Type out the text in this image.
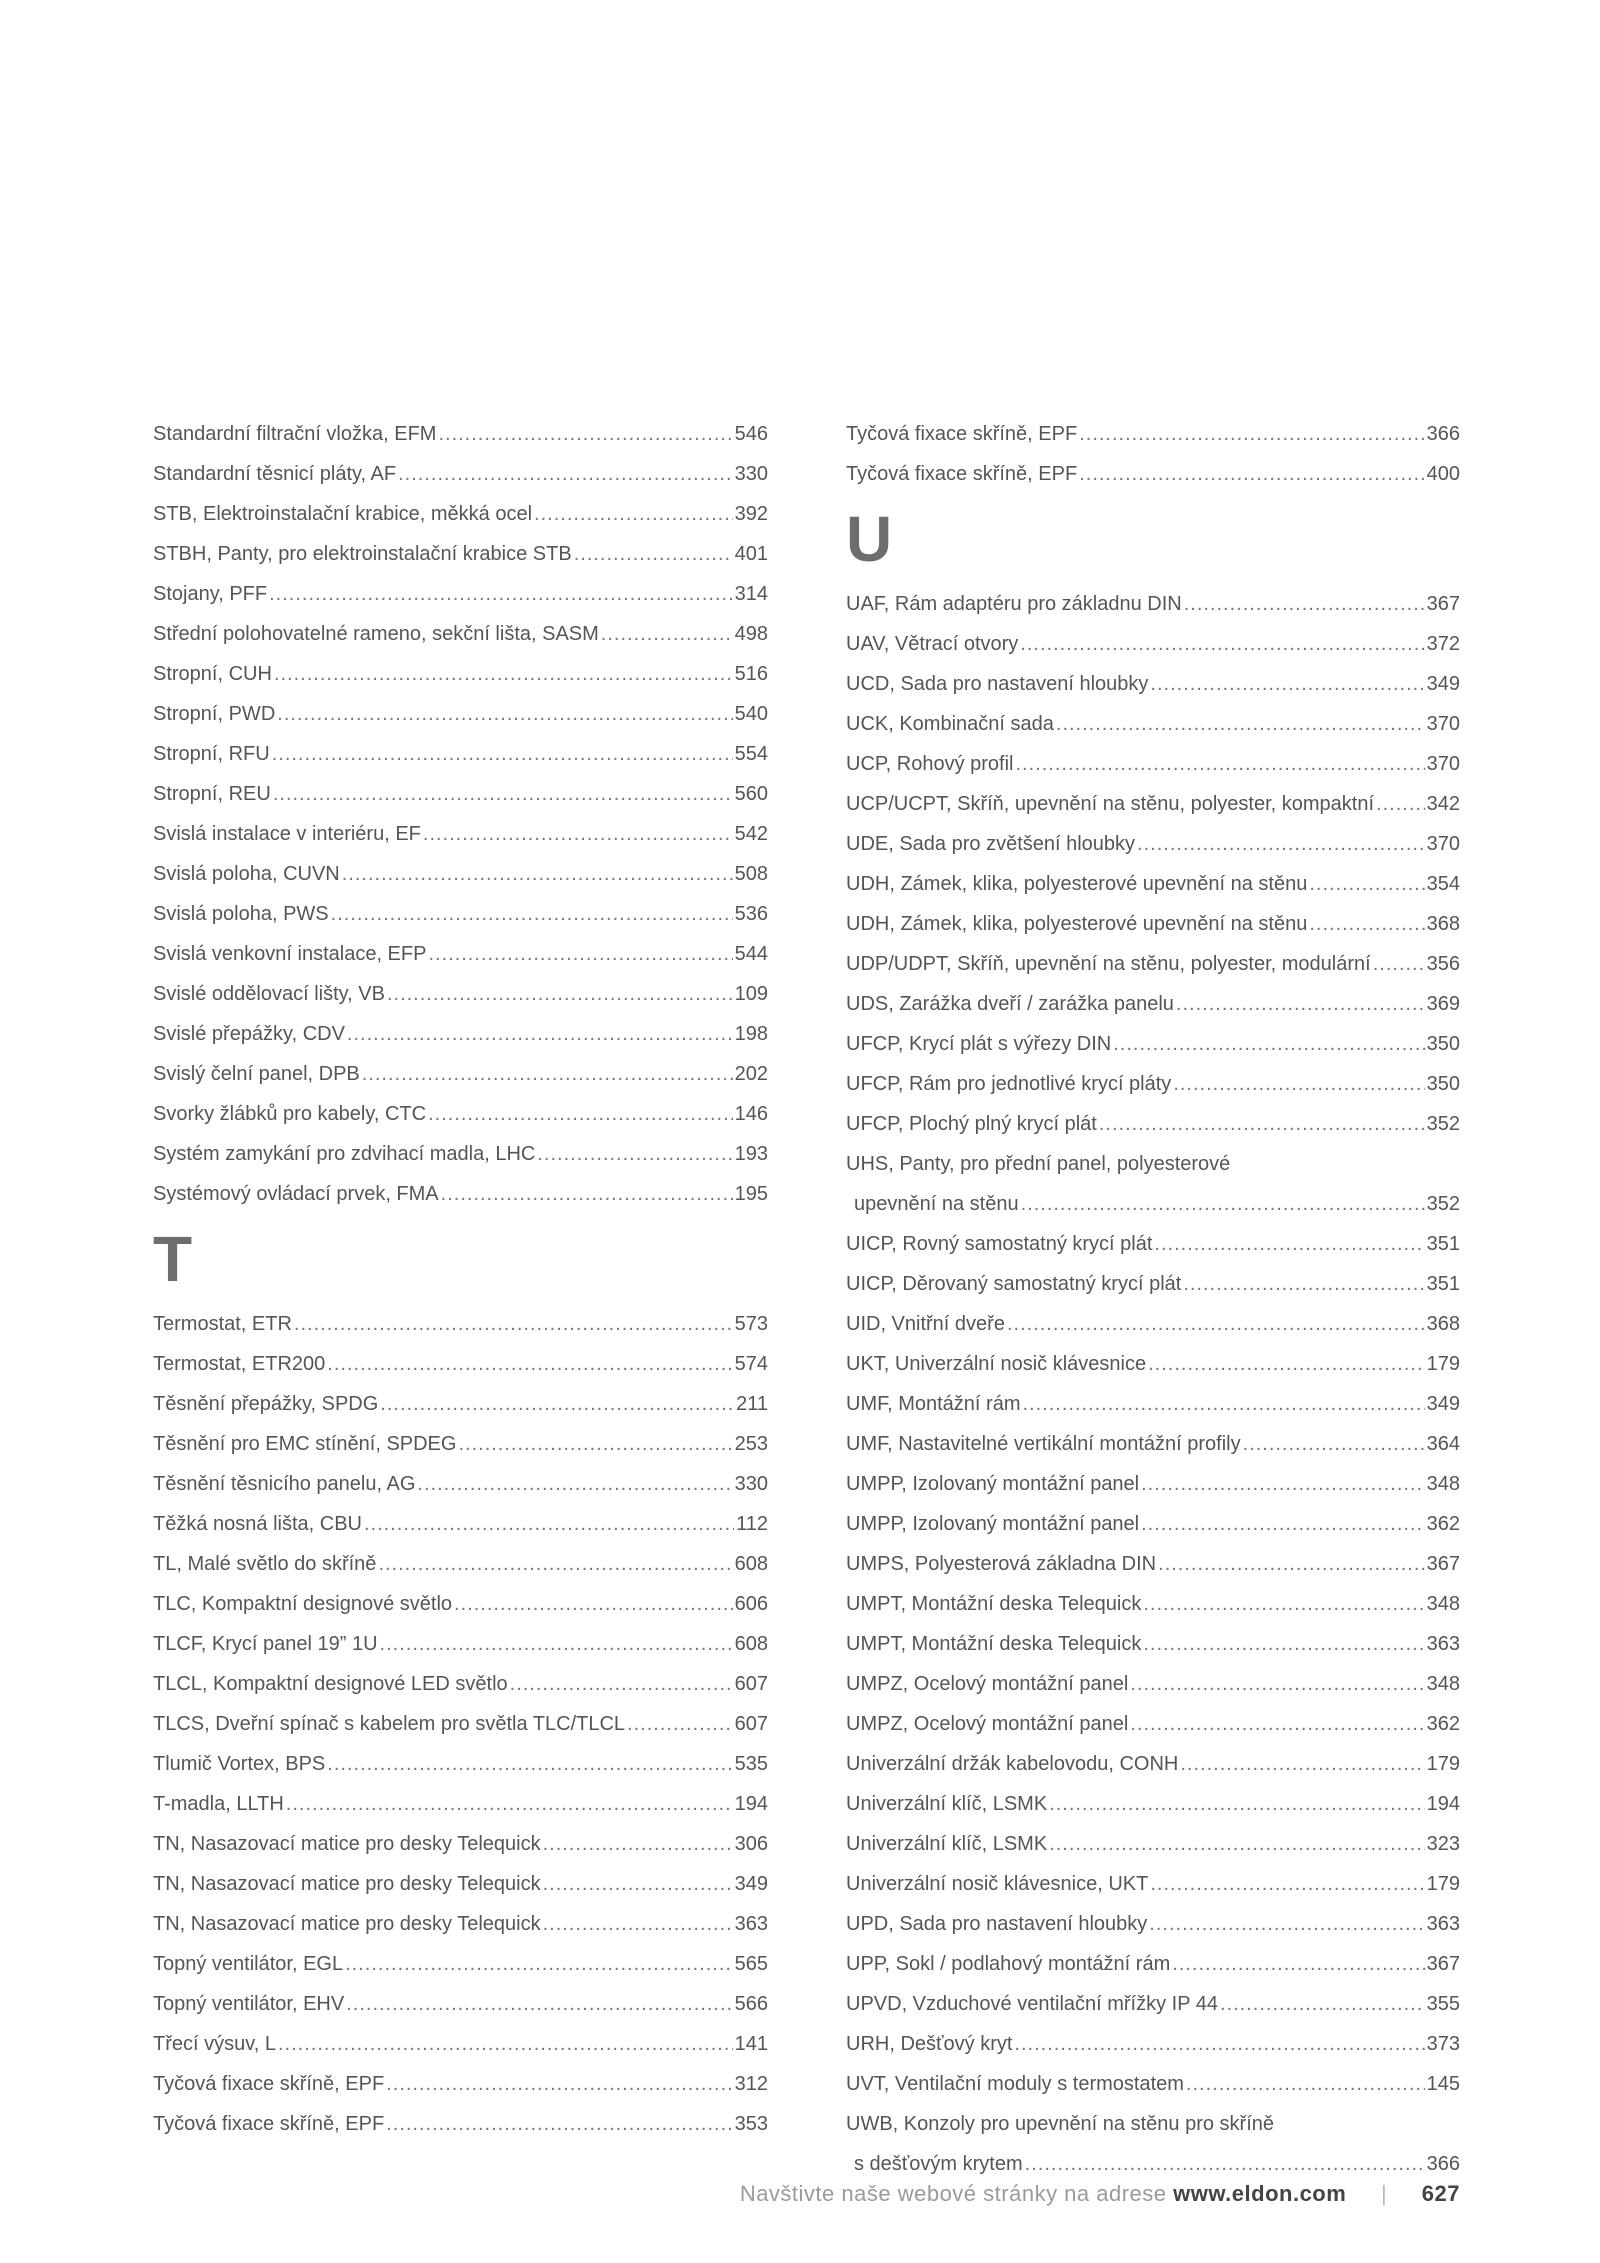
Standardní filtrační vložka, EFM .....	546
Standardní těsnicí pláty, AF .....	330
STB, Elektroinstalační krabice, měkká ocel .....	392
STBH, Panty, pro elektroinstalační krabice STB .....	401
Stojany, PFF .....	314
Střední polohovatelné rameno, sekční lišta, SASM .....	498
Stropní, CUH .....	516
Stropní, PWD .....	540
Stropní, RFU .....	554
Stropní, REU .....	560
Svislá instalace v interiéru, EF .....	542
Svislá poloha, CUVN .....	508
Svislá poloha, PWS .....	536
Svislá venkovní instalace, EFP .....	544
Svislé oddělovací lišty, VB .....	109
Svislé přepážky, CDV .....	198
Svislý čelní panel, DPB .....	202
Svorky žlábků pro kabely, CTC .....	146
Systém zamykání pro zdvihací madla, LHC .....	193
Systémový ovládací prvek, FMA .....	195
T
Termostat, ETR .....	573
Termostat, ETR200 .....	574
Těsnění přepážky, SPDG .....	211
Těsnění pro EMC stínění, SPDEG .....	253
Těsnění těsnicího panelu, AG .....	330
Těžká nosná lišta, CBU .....	112
TL, Malé světlo do skříně .....	608
TLC, Kompaktní designové světlo .....	606
TLCF, Krycí panel 19” 1U .....	608
TLCL, Kompaktní designové LED světlo .....	607
TLCS, Dveřní spínač s kabelem pro světla TLC/TLCL .....	607
Tlumič Vortex, BPS .....	535
T-madla, LLTH .....	194
TN, Nasazovací matice pro desky Telequick .....	306
TN, Nasazovací matice pro desky Telequick .....	349
TN, Nasazovací matice pro desky Telequick .....	363
Topný ventilátor, EGL .....	565
Topný ventilátor, EHV .....	566
Třecí výsuv, L .....	141
Tyčová fixace skříně, EPF .....	312
Tyčová fixace skříně, EPF .....	353
Tyčová fixace skříně, EPF .....	366
Tyčová fixace skříně, EPF .....	400
U
UAF, Rám adaptéru pro základnu DIN .....	367
UAV, Větrací otvory .....	372
UCD, Sada pro nastavení hloubky .....	349
UCK, Kombinační sada .....	370
UCP, Rohový profil .....	370
UCP/UCPT, Skříň, upevnění na stěnu, polyester, kompaktní .....	342
UDE, Sada pro zvětšení hloubky .....	370
UDH, Zámek, klika, polyesterové upevnění na stěnu .....	354
UDH, Zámek, klika, polyesterové upevnění na stěnu .....	368
UDP/UDPT, Skříň, upevnění na stěnu, polyester, modulární .....	356
UDS, Zarážka dveří / zarážka panelu .....	369
UFCP, Krycí plát s výřezy DIN .....	350
UFCP, Rám pro jednotlivé krycí pláty .....	350
UFCP, Plochý plný krycí plát .....	352
UHS, Panty, pro přední panel, polyesterové
upevnění na stěnu .....	352
UICP, Rovný samostatný krycí plát .....	351
UICP, Děrovaný samostatný krycí plát .....	351
UID, Vnitřní dveře .....	368
UKT, Univerzální nosič klávesnice .....	179
UMF, Montážní rám .....	349
UMF, Nastavitelné vertikální montážní profily .....	364
UMPP, Izolovaný montážní panel .....	348
UMPP, Izolovaný montážní panel .....	362
UMPS, Polyesterová základna DIN .....	367
UMPT, Montážní deska Telequick .....	348
UMPT, Montážní deska Telequick .....	363
UMPZ, Ocelový montážní panel .....	348
UMPZ, Ocelový montážní panel .....	362
Univerzální držák kabelovodu, CONH .....	179
Univerzální klíč, LSMK .....	194
Univerzální klíč, LSMK .....	323
Univerzální nosič klávesnice, UKT .....	179
UPD, Sada pro nastavení hloubky .....	363
UPP, Sokl / podlahový montážní rám .....	367
UPVD, Vzduchové ventilační mřížky IP 44 .....	355
URH, Dešťový kryt .....	373
UVT, Ventilační moduly s termostatem .....	145
UWB, Konzoly pro upevnění na stěnu pro skříně
s dešťovým krytem .....	366
Navštivte naše webové stránky na adrese www.eldon.com | 627
